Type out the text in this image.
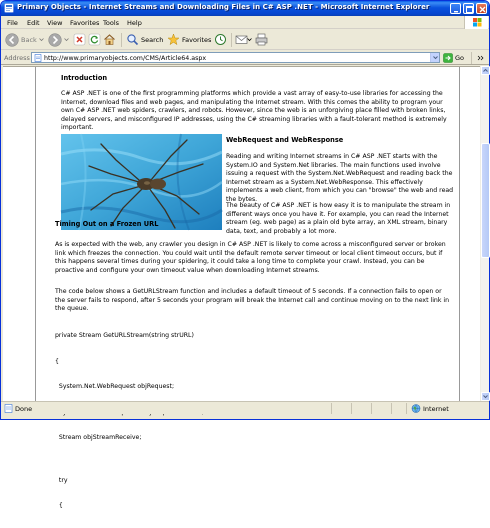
Primary Objects - Internet Streams and Downloading Files in C# ASP .NET - Microsoft Internet Explorer
File Edit View Favorites Tools Help
Back	Search	Favorites
Address http://www.primaryobjects.com/CMS/Article64.aspx	Go
Introduction
C# ASP .NET is one of the first programming platforms which provide a vast array of easy-to-use libraries for accessing the Internet, download files and web pages, and manipulating the Internet stream. With this comes the ability to program your own C# ASP .NET web spiders, crawlers, and robots. However, since the web is an unforgiving place filled with broken links, delayed servers, and misconfigured IP addresses, using the C# streaming libraries with a fault-tolerant method is extremely important.
WebRequest and WebResponse
Reading and writing Internet streams in C# ASP .NET starts with the System.IO and System.Net libraries. The main functions used involve issuing a request with the System.Net.WebRequest and reading back the Internet stream as a System.Net.WebResponse. This effectively implements a web client, from which you can "browse" the web and read the bytes.
The beauty of C# ASP .NET is how easy it is to manipulate the stream in different ways once you have it. For example, you can read the Internet stream (eg. web page) as a plain old byte array, an XML stream, binary data, text, and probably a lot more.
Timing Out on a Frozen URL
As is expected with the web, any crawler you design in C# ASP .NET is likely to come across a misconfigured server or broken link which freezes the connection. You could wait until the default remote server timeout or local client timeout occurs, but if this happens several times during your spidering, it could take a long time to complete your crawl. Instead, you can be proactive and configure your own timeout value when downloading Internet streams.
The code below shows a GetURLStream function and includes a default timeout of 5 seconds. If a connection fails to open or the server fails to respond, after 5 seconds your program will break the Internet call and continue moving on to the next link in the queue.

private Stream GetURLStream(string strURL)

{

System.Net.WebRequest objRequest;

Stream objStreamReceive;

try

{

Done	Internet
